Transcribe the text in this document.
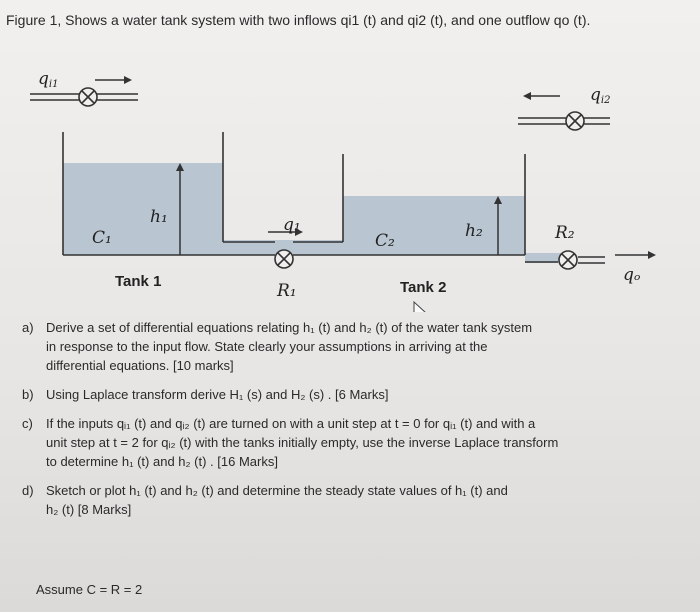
Figure 1, Shows a water tank system with two inflows qi1 (t) and qi2 (t), and one outflow qo (t).
qi1
qi2
C₁
h₁	q₁
C₂	h₂	R₂
R₁
qₒ
Tank 1	Tank 2
a) Derive a set of differential equations relating h₁ (t) and h₂ (t) of the water tank system
in response to the input flow. State clearly your assumptions in arriving at the
differential equations. [10 marks]
b) Using Laplace transform derive H₁ (s) and H₂ (s) . [6 Marks]
c) If the inputs qᵢ₁ (t) and qᵢ₂ (t) are turned on with a unit step at t = 0 for qᵢ₁ (t) and with a
unit step at t = 2 for qᵢ₂ (t) with the tanks initially empty, use the inverse Laplace transform
to determine h₁ (t) and h₂ (t) . [16 Marks]
d) Sketch or plot h₁ (t) and h₂ (t) and determine the steady state values of h₁ (t) and
h₂ (t) [8 Marks]
Assume C = R = 2
